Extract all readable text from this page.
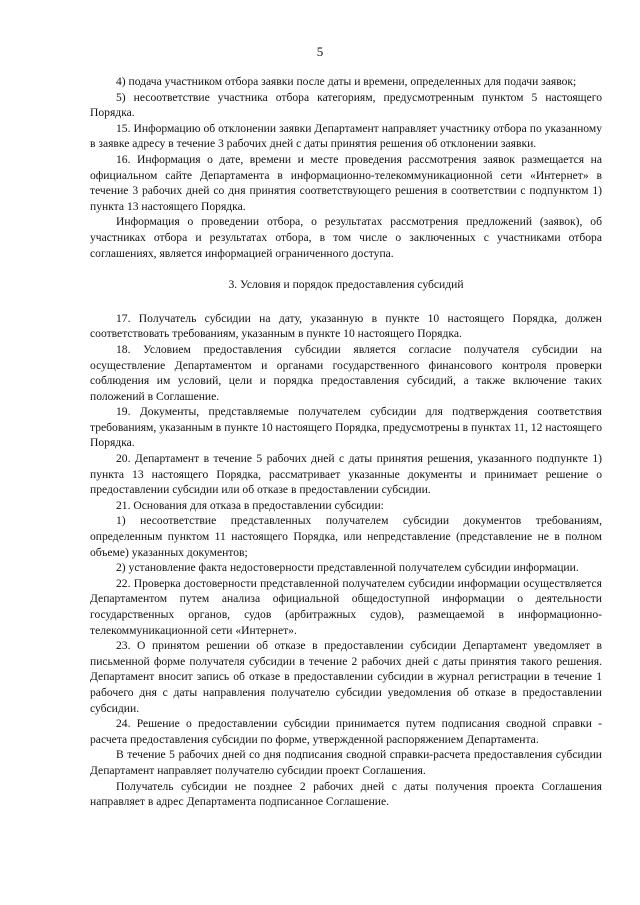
5

4) подача участником отбора заявки после даты и времени, определенных для подачи заявок;

5) несоответствие участника отбора категориям, предусмотренным пунктом 5 настоящего Порядка.

15. Информацию об отклонении заявки Департамент направляет участнику отбора по указанному в заявке адресу в течение 3 рабочих дней с даты принятия решения об отклонении заявки.

16. Информация о дате, времени и месте проведения рассмотрения заявок размещается на официальном сайте Департамента в информационно-телекоммуникационной сети «Интернет» в течение 3 рабочих дней со дня принятия соответствующего решения в соответствии с подпунктом 1) пункта 13 настоящего Порядка.

Информация о проведении отбора, о результатах рассмотрения предложений (заявок), об участниках отбора и результатах отбора, в том числе о заключенных с участниками отбора соглашениях, является информацией ограниченного доступа.

3. Условия и порядок предоставления субсидий

17. Получатель субсидии на дату, указанную в пункте 10 настоящего Порядка, должен соответствовать требованиям, указанным в пункте 10 настоящего Порядка.

18. Условием предоставления субсидии является согласие получателя субсидии на осуществление Департаментом и органами государственного финансового контроля проверки соблюдения им условий, цели и порядка предоставления субсидий, а также включение таких положений в Соглашение.

19. Документы, представляемые получателем субсидии для подтверждения соответствия требованиям, указанным в пункте 10 настоящего Порядка, предусмотрены в пунктах 11, 12 настоящего Порядка.

20. Департамент в течение 5 рабочих дней с даты принятия решения, указанного подпункте 1) пункта 13 настоящего Порядка, рассматривает указанные документы и принимает решение о предоставлении субсидии или об отказе в предоставлении субсидии.

21. Основания для отказа в предоставлении субсидии:

1) несоответствие представленных получателем субсидии документов требованиям, определенным пунктом 11 настоящего Порядка, или непредставление (представление не в полном объеме) указанных документов;

2) установление факта недостоверности представленной получателем субсидии информации.

22. Проверка достоверности представленной получателем субсидии информации осуществляется Департаментом путем анализа официальной общедоступной информации о деятельности государственных органов, судов (арбитражных судов), размещаемой в информационно-телекоммуникационной сети «Интернет».

23. О принятом решении об отказе в предоставлении субсидии Департамент уведомляет в письменной форме получателя субсидии в течение 2 рабочих дней с даты принятия такого решения. Департамент вносит запись об отказе в предоставлении субсидии в журнал регистрации в течение 1 рабочего дня с даты направления получателю субсидии уведомления об отказе в предоставлении субсидии.

24. Решение о предоставлении субсидии принимается путем подписания сводной справки - расчета предоставления субсидии по форме, утвержденной распоряжением Департамента.

В течение 5 рабочих дней со дня подписания сводной справки-расчета предоставления субсидии Департамент направляет получателю субсидии проект Соглашения.

Получатель субсидии не позднее 2 рабочих дней с даты получения проекта Соглашения направляет в адрес Департамента подписанное Соглашение.
